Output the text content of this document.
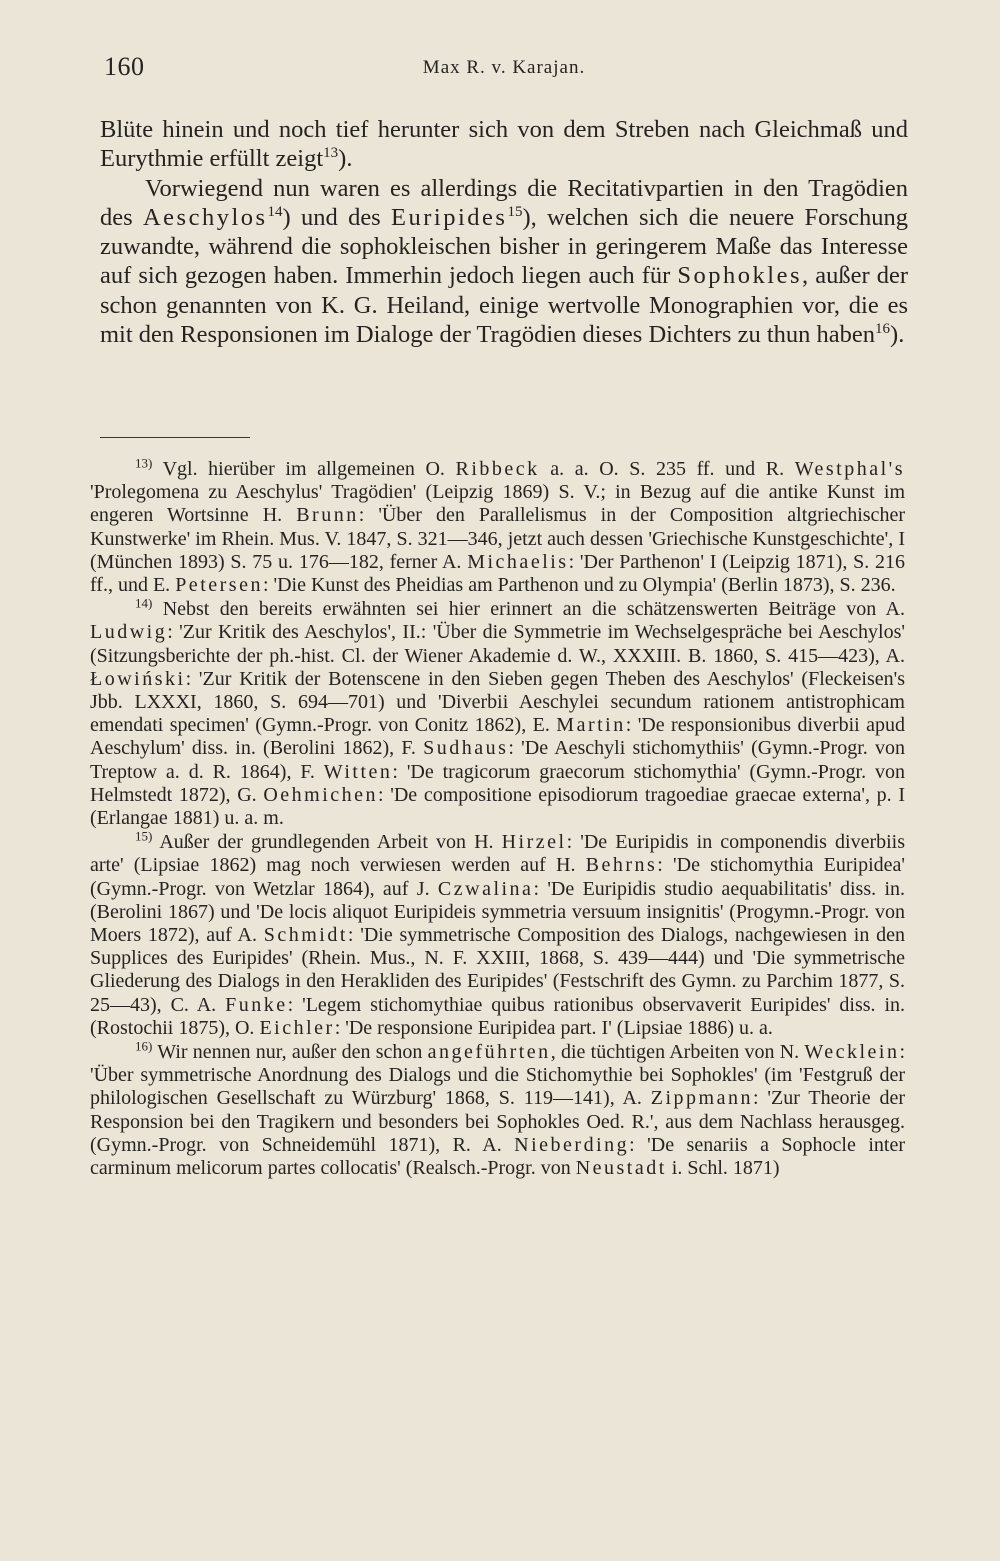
160	Max R. v. Karajan.

Blüte hinein und noch tief herunter sich von dem Streben nach Gleichmaß und Eurythmie erfüllt zeigt$^{13}$).

Vorwiegend nun waren es allerdings die Recitativpartien in den Tragödien des Aeschylos$^{14}$) und des Euripides$^{15}$), welchen sich die neuere Forschung zuwandte, während die sophokleischen bisher in geringerem Maße das Interesse auf sich gezogen haben. Immerhin jedoch liegen auch für Sophokles, außer der schon genannten von K. G. Heiland, einige wertvolle Monographien vor, die es mit den Responsionen im Dialoge der Tragödien dieses Dichters zu thun haben$^{16}$).

$^{13)}$ Vgl. hierüber im allgemeinen O. Ribbeck a. a. O. S. 235 ff. und R. Westphal's 'Prolegomena zu Aeschylus' Tragödien' (Leipzig 1869) S. V.; in Bezug auf die antike Kunst im engeren Wortsinne H. Brunn: 'Über den Parallelismus in der Composition altgriechischer Kunstwerke' im Rhein. Mus. V. 1847, S. 321—346, jetzt auch dessen 'Griechische Kunstgeschichte', I (München 1893) S. 75 u. 176—182, ferner A. Michaelis: 'Der Parthenon' I (Leipzig 1871), S. 216 ff., und E. Petersen: 'Die Kunst des Pheidias am Parthenon und zu Olympia' (Berlin 1873), S. 236.

$^{14)}$ Nebst den bereits erwähnten sei hier erinnert an die schätzenswerten Beiträge von A. Ludwig: 'Zur Kritik des Aeschylos', II.: 'Über die Symmetrie im Wechselgespräche bei Aeschylos' (Sitzungsberichte der ph.-hist. Cl. der Wiener Akademie d. W., XXXIII. B. 1860, S. 415—423), A. Łowiński: 'Zur Kritik der Botenscene in den Sieben gegen Theben des Aeschylos' (Fleckeisen's Jbb. LXXXI, 1860, S. 694—701) und 'Diverbii Aeschylei secundum rationem antistrophicam emendati specimen' (Gymn.-Progr. von Conitz 1862), E. Martin: 'De responsionibus diverbii apud Aeschylum' diss. in. (Berolini 1862), F. Sudhaus: 'De Aeschyli stichomythiis' (Gymn.-Progr. von Treptow a. d. R. 1864), F. Witten: 'De tragicorum graecorum stichomythia' (Gymn.-Progr. von Helmstedt 1872), G. Oehmichen: 'De compositione episodiorum tragoediae graecae externa', p. I (Erlangae 1881) u. a. m.

$^{15)}$ Außer der grundlegenden Arbeit von H. Hirzel: 'De Euripidis in componendis diverbiis arte' (Lipsiae 1862) mag noch verwiesen werden auf H. Behrns: 'De stichomythia Euripidea' (Gymn.-Progr. von Wetzlar 1864), auf J. Czwalina: 'De Euripidis studio aequabilitatis' diss. in. (Berolini 1867) und 'De locis aliquot Euripideis symmetria versuum insignitis' (Progymn.-Progr. von Moers 1872), auf A. Schmidt: 'Die symmetrische Composition des Dialogs, nachgewiesen in den Supplices des Euripides' (Rhein. Mus., N. F. XXIII, 1868, S. 439—444) und 'Die symmetrische Gliederung des Dialogs in den Herakliden des Euripides' (Festschrift des Gymn. zu Parchim 1877, S. 25—43), C. A. Funke: 'Legem stichomythiae quibus rationibus observaverit Euripides' diss. in. (Rostochii 1875), O. Eichler: 'De responsione Euripidea part. I' (Lipsiae 1886) u. a.

$^{16)}$ Wir nennen nur, außer den schon angeführten, die tüchtigen Arbeiten von N. Wecklein: 'Über symmetrische Anordnung des Dialogs und die Stichomythie bei Sophokles' (im 'Festgruß der philologischen Gesellschaft zu Würzburg' 1868, S. 119—141), A. Zippmann: 'Zur Theorie der Responsion bei den Tragikern und besonders bei Sophokles Oed. R.', aus dem Nachlass herausgeg. (Gymn.-Progr. von Schneidemühl 1871), R. A. Nieberding: 'De senariis a Sophocle inter carminum melicorum partes collocatis' (Realsch.-Progr. von Neustadt i. Schl. 1871)
